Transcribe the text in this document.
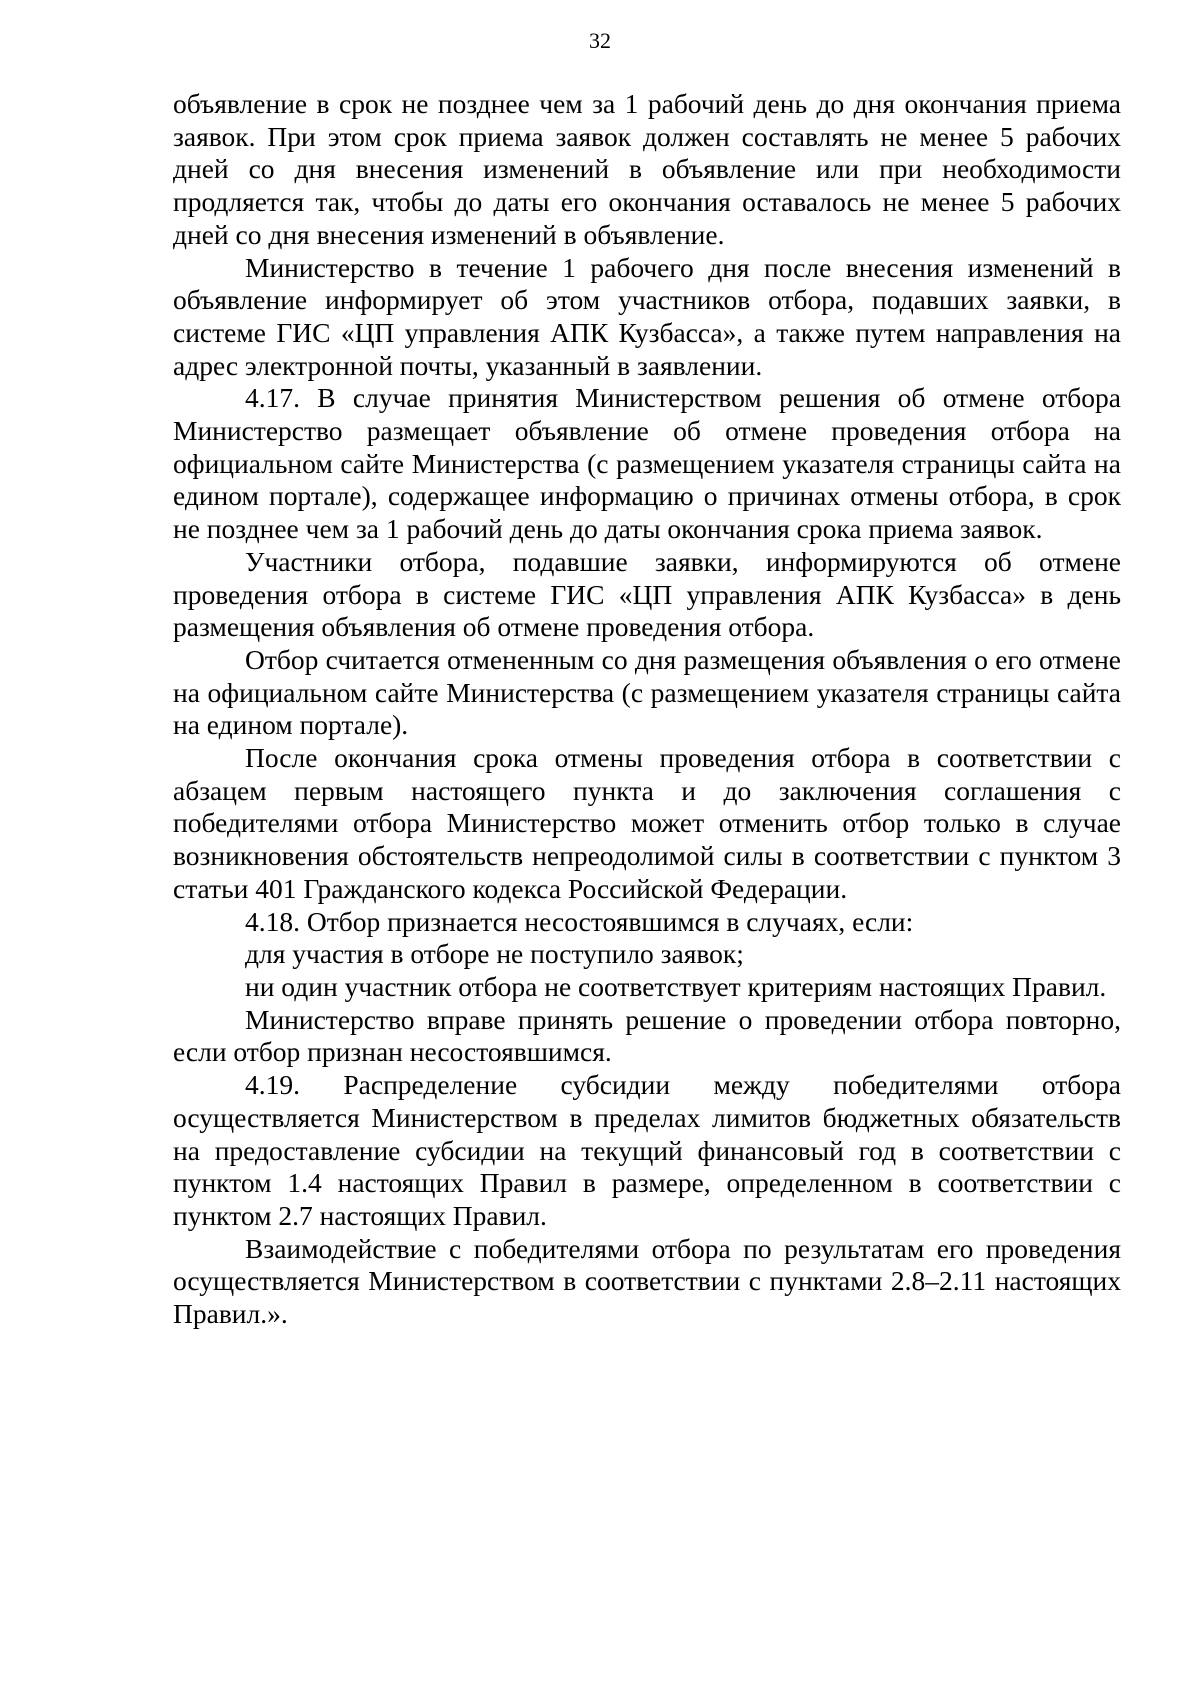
32

объявление в срок не позднее чем за 1 рабочий день до дня окончания приема заявок. При этом срок приема заявок должен составлять не менее 5 рабочих дней со дня внесения изменений в объявление или при необходимости продляется так, чтобы до даты его окончания оставалось не менее 5 рабочих дней со дня внесения изменений в объявление.

Министерство в течение 1 рабочего дня после внесения изменений в объявление информирует об этом участников отбора, подавших заявки, в системе ГИС «ЦП управления АПК Кузбасса», а также путем направления на адрес электронной почты, указанный в заявлении.

4.17. В случае принятия Министерством решения об отмене отбора Министерство размещает объявление об отмене проведения отбора на официальном сайте Министерства (с размещением указателя страницы сайта на едином портале), содержащее информацию о причинах отмены отбора, в срок не позднее чем за 1 рабочий день до даты окончания срока приема заявок.

Участники отбора, подавшие заявки, информируются об отмене проведения отбора в системе ГИС «ЦП управления АПК Кузбасса» в день размещения объявления об отмене проведения отбора.

Отбор считается отмененным со дня размещения объявления о его отмене на официальном сайте Министерства (с размещением указателя страницы сайта на едином портале).

После окончания срока отмены проведения отбора в соответствии с абзацем первым настоящего пункта и до заключения соглашения с победителями отбора Министерство может отменить отбор только в случае возникновения обстоятельств непреодолимой силы в соответствии с пунктом 3 статьи 401 Гражданского кодекса Российской Федерации.

4.18. Отбор признается несостоявшимся в случаях, если:

для участия в отборе не поступило заявок;

ни один участник отбора не соответствует критериям настоящих Правил.

Министерство вправе принять решение о проведении отбора повторно, если отбор признан несостоявшимся.

4.19. Распределение субсидии между победителями отбора осуществляется Министерством в пределах лимитов бюджетных обязательств на предоставление субсидии на текущий финансовый год в соответствии с пунктом 1.4 настоящих Правил в размере, определенном в соответствии с пунктом 2.7 настоящих Правил.

Взаимодействие с победителями отбора по результатам его проведения осуществляется Министерством в соответствии с пунктами 2.8–2.11 настоящих Правил.».
